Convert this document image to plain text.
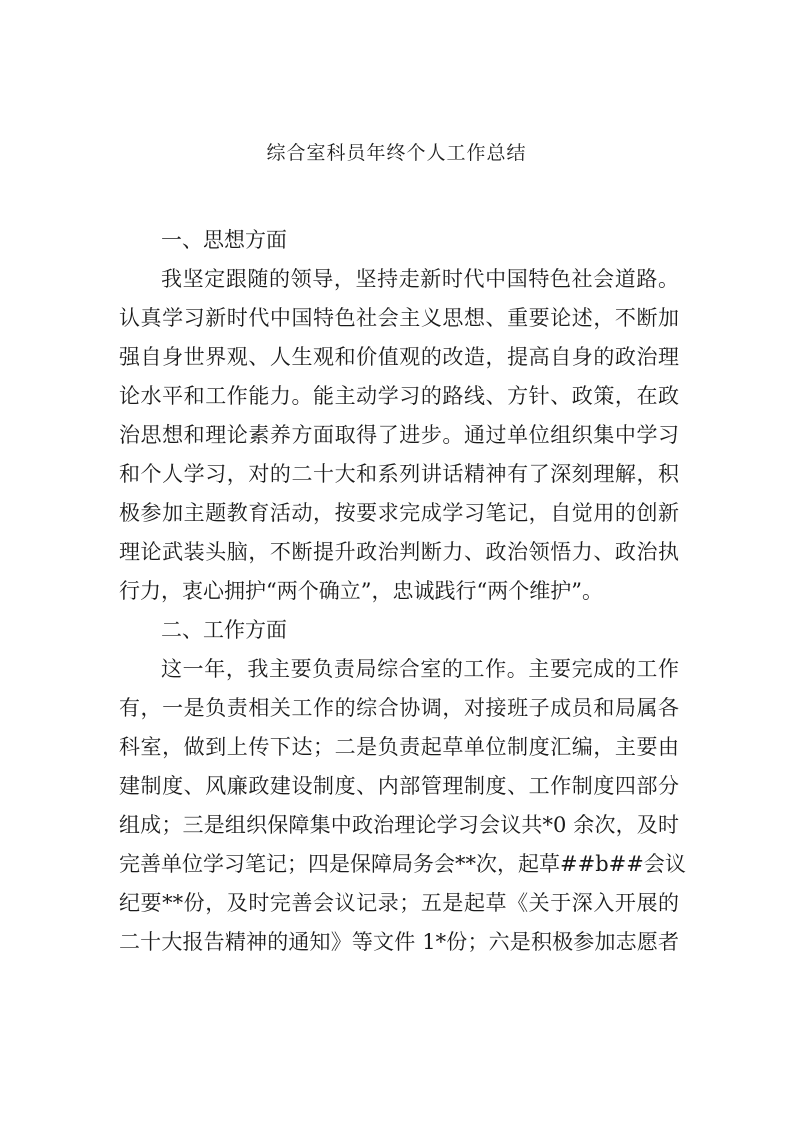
综合室科员年终个人工作总结
一、思想方面
我坚定跟随的领导，坚持走新时代中国特色社会道路。
认真学习新时代中国特色社会主义思想、重要论述，不断加
强自身世界观、人生观和价值观的改造，提高自身的政治理
论水平和工作能力。能主动学习的路线、方针、政策，在政
治思想和理论素养方面取得了进步。通过单位组织集中学习
和个人学习，对的二十大和系列讲话精神有了深刻理解，积
极参加主题教育活动，按要求完成学习笔记，自觉用的创新
理论武装头脑，不断提升政治判断力、政治领悟力、政治执
行力，衷心拥护“两个确立”，忠诚践行“两个维护”。
二、工作方面
这一年，我主要负责局综合室的工作。主要完成的工作
有，一是负责相关工作的综合协调，对接班子成员和局属各
科室，做到上传下达；二是负责起草单位制度汇编，主要由
建制度、风廉政建设制度、内部管理制度、工作制度四部分
组成；三是组织保障集中政治理论学习会议共*0 余次，及时
完善单位学习笔记；四是保障局务会**次，起草##b##会议
纪要**份，及时完善会议记录；五是起草《关于深入开展的
二十大报告精神的通知》等文件 1*份；六是积极参加志愿者
